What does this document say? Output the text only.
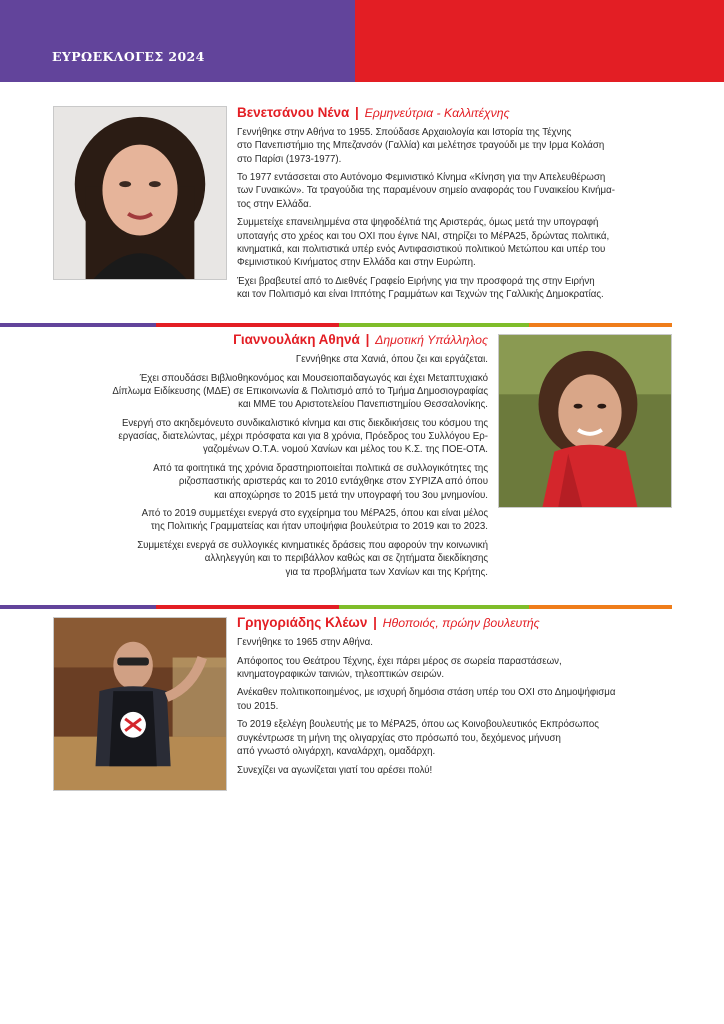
ΕΥΡΩΕΚΛΟΓΕΣ 2024
Βενετσάνου Νένα | Ερμηνεύτρια - Καλλιτέχνης

Γεννήθηκε στην Αθήνα το 1955. Σπούδασε Αρχαιολογία και Ιστορία της Τέχνης
στο Πανεπιστήμιο της Μπεζανσόν (Γαλλία) και μελέτησε τραγούδι με την Ιρμα Κολάση
στο Παρίσι (1973-1977).

Το 1977 εντάσσεται στο Αυτόνομο Φεμινιστικό Κίνημα «Κίνηση για την Απελευθέρωση
των Γυναικών». Τα τραγούδια της παραμένουν σημείο αναφοράς του Γυναικείου Κινήμα-
τος στην Ελλάδα.

Συμμετείχε επανειλημμένα στα ψηφοδέλτιά της Αριστεράς, όμως μετά την υπογραφή
υποταγής στο χρέος και του ΟΧΙ που έγινε ΝΑΙ, στηρίζει το ΜέΡΑ25, δρώντας πολιτικά,
κινηματικά, και πολιτιστικά υπέρ ενός Αντιφασιστικού πολιτικού Μετώπου και υπέρ του
Φεμινιστικού Κινήματος στην Ελλάδα και στην Ευρώπη.

Έχει βραβευτεί από το Διεθνές Γραφείο Ειρήνης για την προσφορά της στην Ειρήνη
και τον Πολιτισμό και είναι Ιππότης Γραμμάτων και Τεχνών της Γαλλικής Δημοκρατίας.

Γιαννουλάκη Αθηνά | Δημοτική Υπάλληλος

Γεννήθηκε στα Χανιά, όπου ζει και εργάζεται.

Έχει σπουδάσει Βιβλιοθηκονόμος και Μουσειοπαιδαγωγός και έχει Μεταπτυχιακό
Δίπλωμα Ειδίκευσης (ΜΔΕ) σε Επικοινωνία & Πολιτισμό από το Τμήμα Δημοσιογραφίας
και ΜΜΕ του Αριστοτελείου Πανεπιστημίου Θεσσαλονίκης.

Ενεργή στο ακηδεμόνευτο συνδικαλιστικό κίνημα και στις διεκδικήσεις του κόσμου της
εργασίας, διατελώντας, μέχρι πρόσφατα και για 8 χρόνια, Πρόεδρος του Συλλόγου Ερ-
γαζομένων Ο.Τ.Α. νομού Χανίων και μέλος του Κ.Σ. της ΠΟΕ-ΟΤΑ.

Από τα φοιτητικά της χρόνια δραστηριοποιείται πολιτικά σε συλλογικότητες της
ριζοσπαστικής αριστεράς και το 2010 εντάχθηκε στον ΣΥΡΙΖΑ από όπου
και αποχώρησε το 2015 μετά την υπογραφή του 3ου μνημονίου.

Από το 2019 συμμετέχει ενεργά στο εγχείρημα του ΜέΡΑ25, όπου και είναι μέλος
της Πολιτικής Γραμματείας και ήταν υποψήφια βουλεύτρια το 2019 και το 2023.

Συμμετέχει ενεργά σε συλλογικές κινηματικές δράσεις που αφορούν την κοινωνική
αλληλεγγύη και το περιβάλλον καθώς και σε ζητήματα διεκδίκησης
για τα προβλήματα των Χανίων και της Κρήτης.

Γρηγοριάδης Κλέων | Ηθοποιός, πρώην βουλευτής

Γεννήθηκε το 1965 στην Αθήνα.

Απόφοιτος του Θεάτρου Τέχνης, έχει πάρει μέρος σε σωρεία παραστάσεων,
κινηματογραφικών ταινιών, τηλεοπτικών σειρών.

Ανέκαθεν πολιτικοποιημένος, με ισχυρή δημόσια στάση υπέρ του ΟΧΙ στο Δημοψήφισμα
του 2015.

Το 2019 εξελέγη βουλευτής με το ΜέΡΑ25, όπου ως Κοινοβουλευτικός Εκπρόσωπος
συγκέντρωσε τη μήνη της ολιγαρχίας στο πρόσωπό του, δεχόμενος μήνυση
από γνωστό ολιγάρχη, καναλάρχη, ομαδάρχη.

Συνεχίζει να αγωνίζεται γιατί του αρέσει πολύ!
